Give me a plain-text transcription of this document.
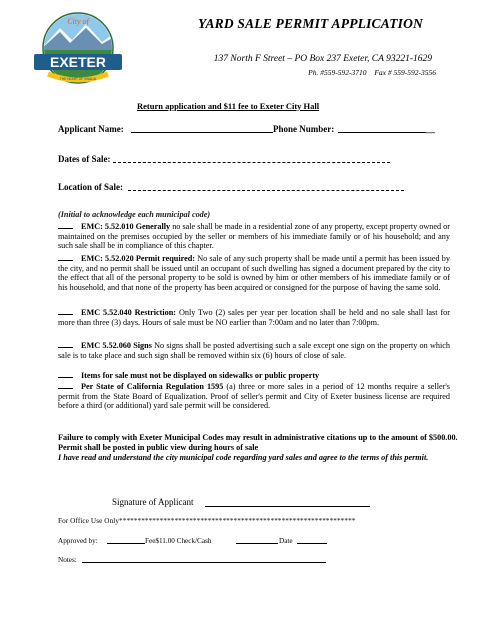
City of
EXETER
THE HEART OF VISALIA
YARD SALE PERMIT APPLICATION
137 North F Street – PO Box 237 Exeter, CA 93221-1629
Ph. #559-592-3710 Fax # 559-592-3556
Return application and $11 fee to Exeter City Hall
Applicant Name:	Phone Number:	__
Dates of Sale:
Location of Sale:
(Initial to acknowledge each municipal code)
EMC: 5.52.010 Generally no sale shall be made in a residential zone of any property, except property owned or maintained on the premises occupied by the seller or members of his immediate family or of his household; and any such sale shall be in compliance of this chapter.
EMC: 5.52.020 Permit required: No sale of any such property shall be made until a permit has been issued by the city, and no permit shall be issued until an occupant of such dwelling has signed a document prepared by the city to the effect that all of the personal property to be sold is owned by him or other members of his immediate family or of his household, and that none of the property has been acquired or consigned for the purpose of having the same sold.
EMC 5.52.040 Restriction: Only Two (2) sales per year per location shall be held and no sale shall last for more than three (3) days. Hours of sale must be NO earlier than 7:00am and no later than 7:00pm.
EMC 5.52.060 Signs No signs shall be posted advertising such a sale except one sign on the property on which sale is to take place and such sign shall be removed within six (6) hours of close of sale.
Items for sale must not be displayed on sidewalks or public property
Per State of California Regulation 1595 (a) three or more sales in a period of 12 months require a seller's permit from the State Board of Equalization. Proof of seller's permit and City of Exeter business license are required before a third (or additional) yard sale permit will be considered.
Failure to comply with Exeter Municipal Codes may result in administrative citations up to the amount of $500.00. Permit shall be posted in public view during hours of sale
I have read and understand the city municipal code regarding yard sales and agree to the terms of this permit.
Signature of Applicant
For Office Use Only****************************************************************
Approved by:	Fee$11.00 Check/Cash	Date
Notes:
